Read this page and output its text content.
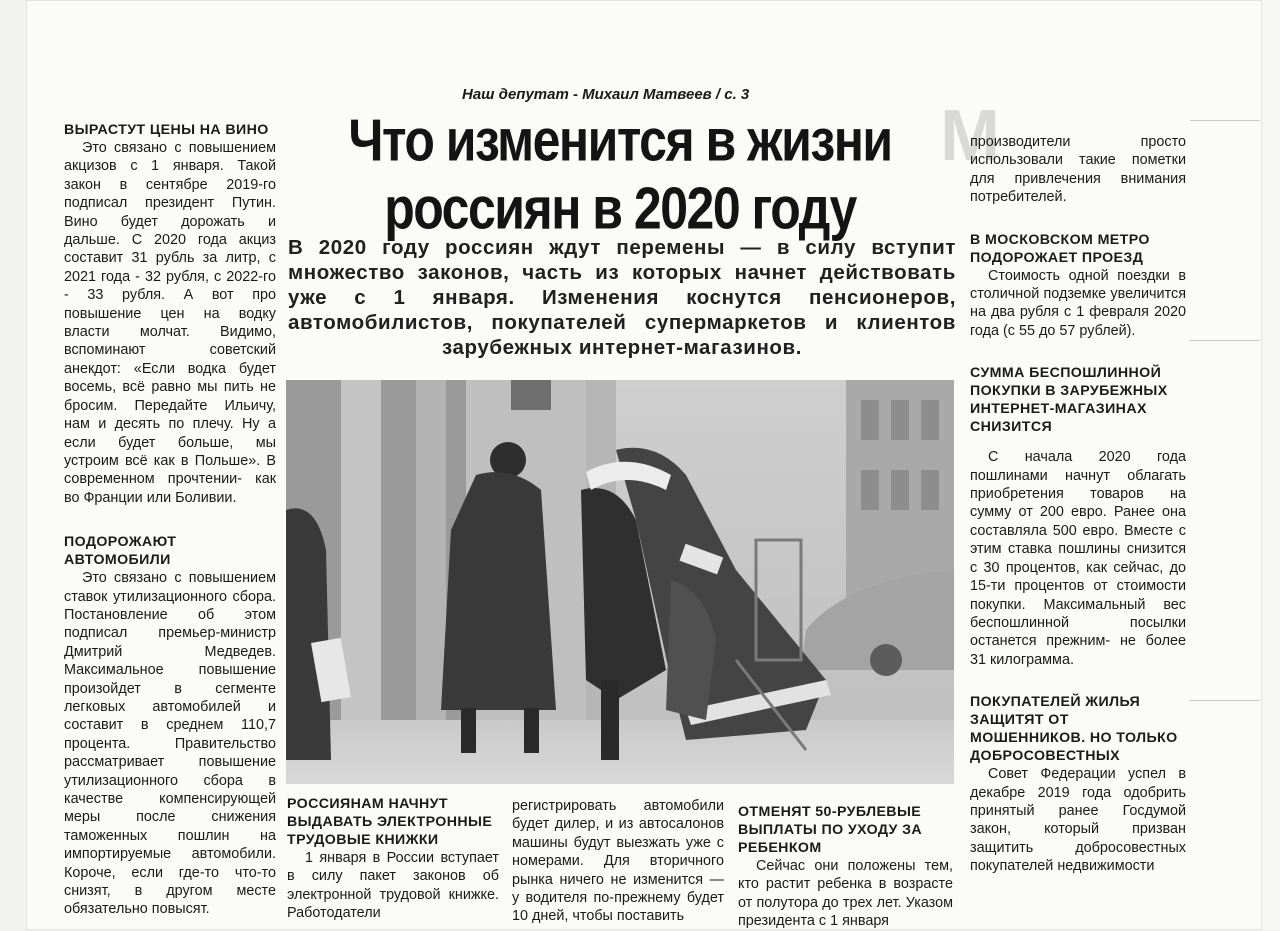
М
Наш депутат - Михаил Матвеев / с. 3
Что изменится в жизни россиян в 2020 году
В 2020 году россиян ждут перемены — в силу вступит множество законов, часть из которых начнет действовать уже с 1 января. Изменения коснутся пенсионеров, автомобилистов, покупателей супермаркетов и клиентов зарубежных интернет-магазинов.
ВЫРАСТУТ ЦЕНЫ НА ВИНО

Это связано с повышением акцизов с 1 января. Такой закон в сентябре 2019-го подписал президент Путин. Вино будет дорожать и дальше. С 2020 года акциз составит 31 рубль за литр, с 2021 года - 32 рубля, с 2022-го - 33 рубля. А вот про повышение цен на водку власти молчат. Видимо, вспоминают советский анекдот: «Если водка будет восемь, всё равно мы пить не бросим. Передайте Ильичу, нам и десять по плечу. Ну а если будет больше, мы устроим всё как в Польше». В современном прочтении- как во Франции или Боливии.

ПОДОРОЖАЮТ АВТОМОБИЛИ

Это связано с повышением ставок утилизационного сбора. Постановление об этом подписал премьер-министр Дмитрий Медведев. Максимальное повышение произойдет в сегменте легковых автомобилей и составит в среднем 110,7 процента. Правительство рассматривает повышение утилизационного сбора в качестве компенсирующей меры после снижения таможенных пошлин на импортируемые автомобили. Короче, если где-то что-то снизят, в другом месте обязательно повысят.

РОССИЯНАМ НАЧНУТ ВЫДАВАТЬ ЭЛЕКТРОННЫЕ ТРУДОВЫЕ КНИЖКИ

1 января в России вступает в силу пакет законов об электронной трудовой книжке. Работодатели

регистрировать автомобили будет дилер, и из автосалонов машины будут выезжать уже с номерами. Для вторичного рынка ничего не изменится — у водителя по-прежнему будет 10 дней, чтобы поставить

ОТМЕНЯТ 50-РУБЛЕВЫЕ ВЫПЛАТЫ ПО УХОДУ ЗА РЕБЕНКОМ

Сейчас они положены тем, кто растит ребенка в возрасте от полутора до трех лет. Указом президента с 1 января

производители просто использовали такие пометки для привлечения внимания потребителей.

В МОСКОВСКОМ МЕТРО ПОДОРОЖАЕТ ПРОЕЗД

Стоимость одной поездки в столичной подземке увеличится на два рубля с 1 февраля 2020 года (с 55 до 57 рублей).

СУММА БЕСПОШЛИННОЙ ПОКУПКИ В ЗАРУБЕЖНЫХ ИНТЕРНЕТ-МАГАЗИНАХ СНИЗИТСЯ

С начала 2020 года пошлинами начнут облагать приобретения товаров на сумму от 200 евро. Ранее она составляла 500 евро. Вместе с этим ставка пошлины снизится с 30 процентов, как сейчас, до 15-ти процентов от стоимости покупки. Максимальный вес беспошлинной посылки останется прежним- не более 31 килограмма.

ПОКУПАТЕЛЕЙ ЖИЛЬЯ ЗАЩИТЯТ ОТ МОШЕННИКОВ. НО ТОЛЬКО ДОБРОСОВЕСТНЫХ

Совет Федерации успел в декабре 2019 года одобрить принятый ранее Госдумой закон, который призван защитить добросовестных покупателей недвижимости
